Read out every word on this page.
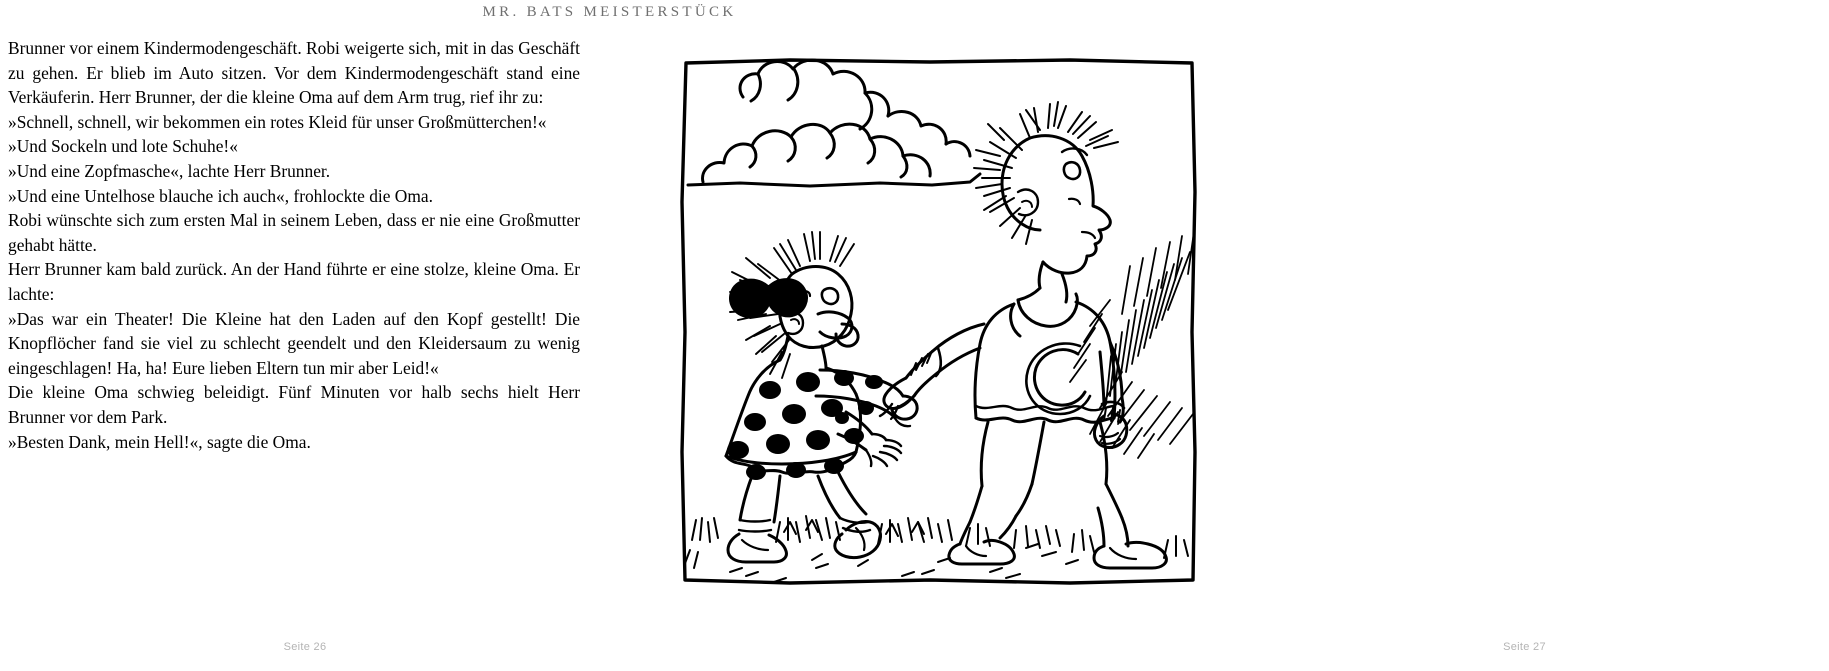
MR. BATS MEISTERSTÜCK

Brunner vor einem Kindermodengeschäft. Robi weigerte sich, mit in das Geschäft zu gehen. Er blieb im Auto sitzen. Vor dem Kindermodengeschäft stand eine Verkäuferin. Herr Brunner, der die kleine Oma auf dem Arm trug, rief ihr zu:

»Schnell, schnell, wir bekommen ein rotes Kleid für unser Großmütterchen!«

»Und Sockeln und lote Schuhe!«

»Und eine Zopfmasche«, lachte Herr Brunner.

»Und eine Untelhose blauche ich auch«, frohlockte die Oma.

Robi wünschte sich zum ersten Mal in seinem Leben, dass er nie eine Großmutter gehabt hätte.

Herr Brunner kam bald zurück. An der Hand führte er eine stolze, kleine Oma. Er lachte:

»Das war ein Theater! Die Kleine hat den Laden auf den Kopf gestellt! Die Knopflöcher fand sie viel zu schlecht geendelt und den Kleidersaum zu wenig eingeschlagen! Ha, ha! Eure lieben Eltern tun mir aber Leid!«

Die kleine Oma schwieg beleidigt. Fünf Minuten vor halb sechs hielt Herr Brunner vor dem Park.

»Besten Dank, mein Hell!«, sagte die Oma.

Seite 26	Seite 27
